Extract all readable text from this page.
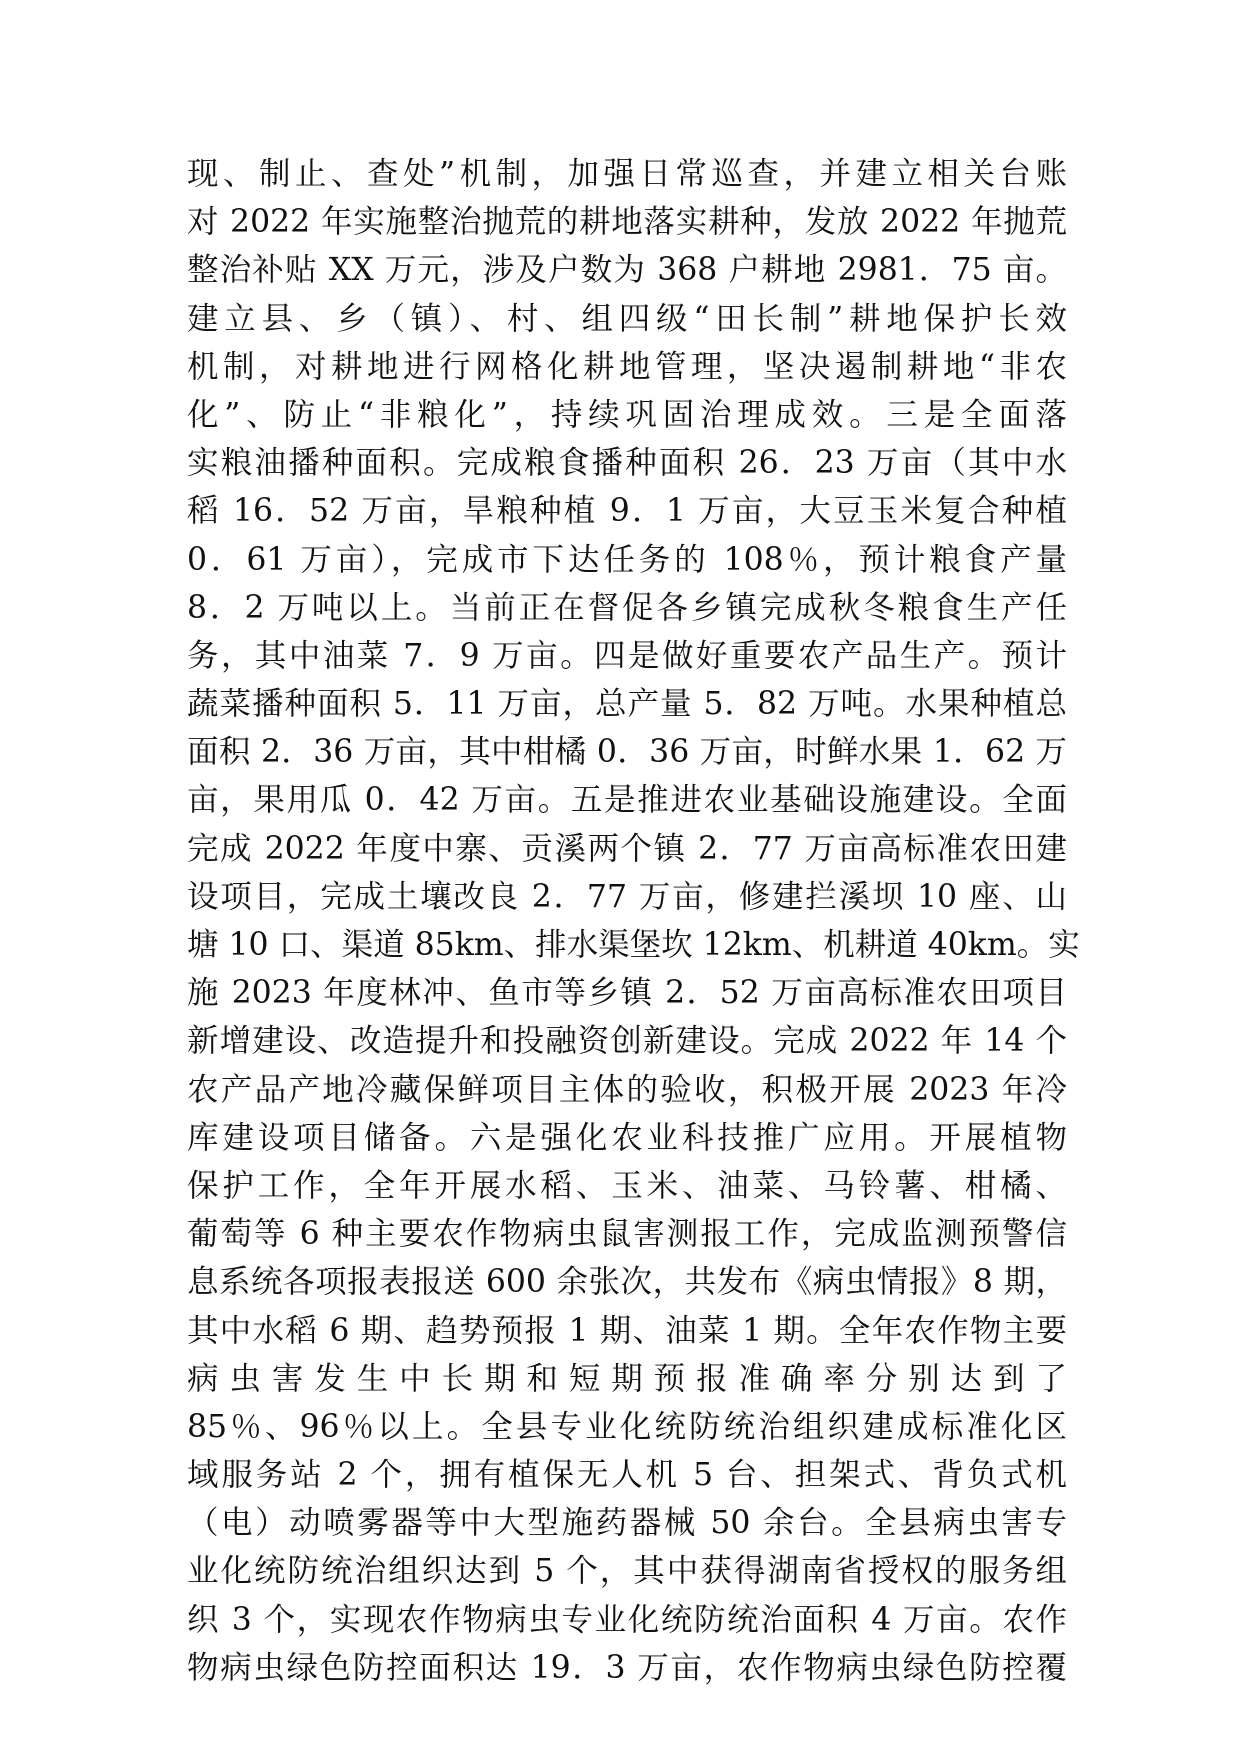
现、制止、查处”机制，加强日常巡查，并建立相关台账
对 2022 年实施整治抛荒的耕地落实耕种，发放 2022 年抛荒
整治补贴 XX 万元，涉及户数为 368 户耕地 2981．75 亩。
建立县、乡（镇）、村、组四级“田长制”耕地保护长效
机制，对耕地进行网格化耕地管理，坚决遏制耕地“非农
化”、防止“非粮化”，持续巩固治理成效。三是全面落
实粮油播种面积。完成粮食播种面积 26．23 万亩（其中水
稻 16．52 万亩，旱粮种植 9．1 万亩，大豆玉米复合种植
0．61 万亩），完成市下达任务的 108％，预计粮食产量
8．2 万吨以上。当前正在督促各乡镇完成秋冬粮食生产任
务，其中油菜 7．9 万亩。四是做好重要农产品生产。预计
蔬菜播种面积 5．11 万亩，总产量 5．82 万吨。水果种植总
面积 2．36 万亩，其中柑橘 0．36 万亩，时鲜水果 1．62 万
亩，果用瓜 0．42 万亩。五是推进农业基础设施建设。全面
完成 2022 年度中寨、贡溪两个镇 2．77 万亩高标准农田建
设项目，完成土壤改良 2．77 万亩，修建拦溪坝 10 座、山
塘 10 口、渠道 85km、排水渠堡坎 12km、机耕道 40km。实
施 2023 年度林冲、鱼市等乡镇 2．52 万亩高标准农田项目
新增建设、改造提升和投融资创新建设。完成 2022 年 14 个
农产品产地冷藏保鲜项目主体的验收，积极开展 2023 年冷
库建设项目储备。六是强化农业科技推广应用。开展植物
保护工作，全年开展水稻、玉米、油菜、马铃薯、柑橘、
葡萄等 6 种主要农作物病虫鼠害测报工作，完成监测预警信
息系统各项报表报送 600 余张次，共发布《病虫情报》8 期，
其中水稻 6 期、趋势预报 1 期、油菜 1 期。全年农作物主要
病虫害发生中长期和短期预报准确率分别达到了
85％、96％以上。全县专业化统防统治组织建成标准化区
域服务站 2 个，拥有植保无人机 5 台、担架式、背负式机
（电）动喷雾器等中大型施药器械 50 余台。全县病虫害专
业化统防统治组织达到 5 个，其中获得湖南省授权的服务组
织 3 个，实现农作物病虫专业化统防统治面积 4 万亩。农作
物病虫绿色防控面积达 19．3 万亩，农作物病虫绿色防控覆
